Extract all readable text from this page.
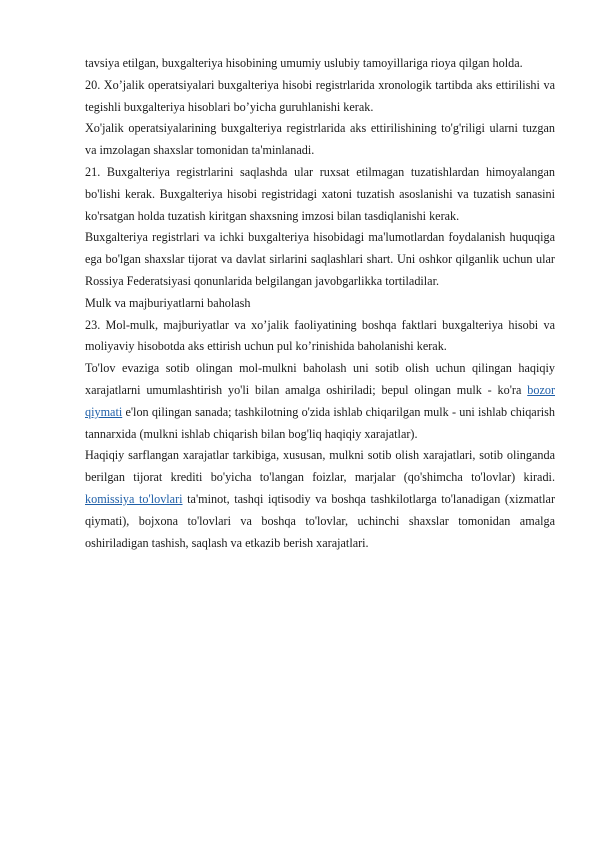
tavsiya etilgan, buxgalteriya hisobining umumiy uslubiy tamoyillariga rioya qilgan holda.

20. Xo’jalik operatsiyalari buxgalteriya hisobi registrlarida xronologik tartibda aks ettirilishi va tegishli buxgalteriya hisoblari bo’yicha guruhlanishi kerak.

Xo'jalik operatsiyalarining buxgalteriya registrlarida aks ettirilishining to'g'riligi ularni tuzgan va imzolagan shaxslar tomonidan ta'minlanadi.

21. Buxgalteriya registrlarini saqlashda ular ruxsat etilmagan tuzatishlardan himoyalangan bo'lishi kerak. Buxgalteriya hisobi registridagi xatoni tuzatish asoslanishi va tuzatish sanasini ko'rsatgan holda tuzatish kiritgan shaxsning imzosi bilan tasdiqlanishi kerak.

Buxgalteriya registrlari va ichki buxgalteriya hisobidagi ma'lumotlardan foydalanish huquqiga ega bo'lgan shaxslar tijorat va davlat sirlarini saqlashlari shart. Uni oshkor qilganlik uchun ular Rossiya Federatsiyasi qonunlarida belgilangan javobgarlikka tortiladilar.

Mulk va majburiyatlarni baholash

23. Mol-mulk, majburiyatlar va xo’jalik faoliyatining boshqa faktlari buxgalteriya hisobi va moliyaviy hisobotda aks ettirish uchun pul ko’rinishida baholanishi kerak.

To'lov evaziga sotib olingan mol-mulkni baholash uni sotib olish uchun qilingan haqiqiy xarajatlarni umumlashtirish yo'li bilan amalga oshiriladi; bepul olingan mulk - ko'ra bozor qiymati e'lon qilingan sanada; tashkilotning o'zida ishlab chiqarilgan mulk - uni ishlab chiqarish tannarxida (mulkni ishlab chiqarish bilan bog'liq haqiqiy xarajatlar).

Haqiqiy sarflangan xarajatlar tarkibiga, xususan, mulkni sotib olish xarajatlari, sotib olinganda berilgan tijorat krediti bo'yicha to'langan foizlar, marjalar (qo'shimcha to'lovlar) kiradi. komissiya to'lovlari ta'minot, tashqi iqtisodiy va boshqa tashkilotlarga to'lanadigan (xizmatlar qiymati), bojxona to'lovlari va boshqa to'lovlar, uchinchi shaxslar tomonidan amalga oshiriladigan tashish, saqlash va etkazib berish xarajatlari.
